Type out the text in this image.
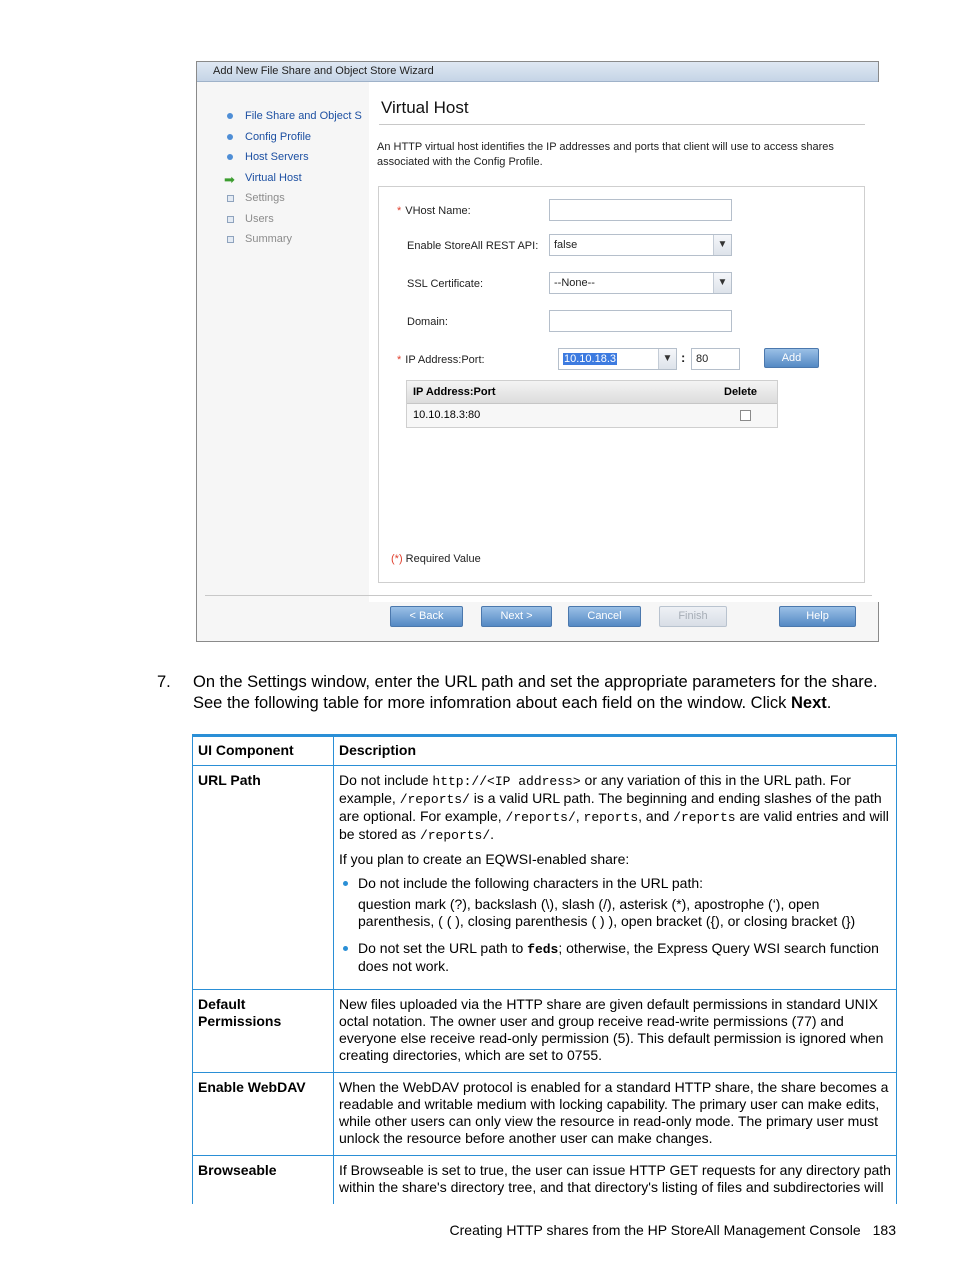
Add New File Share and Object Store Wizard
File Share and Object S
Config Profile
Host Servers
➡ Virtual Host
Settings
Users
Summary
Virtual Host
An HTTP virtual host identifies the IP addresses and ports that client will use to access shares associated with the Config Profile.
* VHost Name:
Enable StoreAll REST API:	false	▼
SSL Certificate:	--None--	▼
Domain:
* IP Address:Port:	10.10.18.3	▼ : 80	Add
IP Address:Port	Delete
10.10.18.3:80
(*) Required Value
< Back	Next >	Cancel	Finish	Help
7. On the Settings window, enter the URL path and set the appropriate parameters for the share. See the following table for more infomration about each field on the window. Click Next.
UI Component	Description
URL Path	Do not include http://<IP address> or any variation of this in the URL path. For example, /reports/ is a valid URL path. The beginning and ending slashes of the path are optional. For example, /reports/, reports, and /reports are valid entries and will be stored as /reports/.

If you plan to create an EQWSI-enabled share:

Do not include the following characters in the URL path:
question mark (?), backslash (\), slash (/), asterisk (*), apostrophe (‘), open parenthesis, ( ( ), closing parenthesis ( ) ), open bracket ({), or closing bracket (})
Do not set the URL path to feds; otherwise, the Express Query WSI search function does not work.

Default Permissions	New files uploaded via the HTTP share are given default permissions in standard UNIX octal notation. The owner user and group receive read-write permissions (77) and everyone else receive read-only permission (5). This default permission is ignored when creating directories, which are set to 0755.
Enable WebDAV	When the WebDAV protocol is enabled for a standard HTTP share, the share becomes a readable and writable medium with locking capability. The primary user can make edits, while other users can only view the resource in read-only mode. The primary user must unlock the resource before another user can make changes.
Browseable	If Browseable is set to true, the user can issue HTTP GET requests for any directory path within the share's directory tree, and that directory's listing of files and subdirectories will
Creating HTTP shares from the HP StoreAll Management Console 183
